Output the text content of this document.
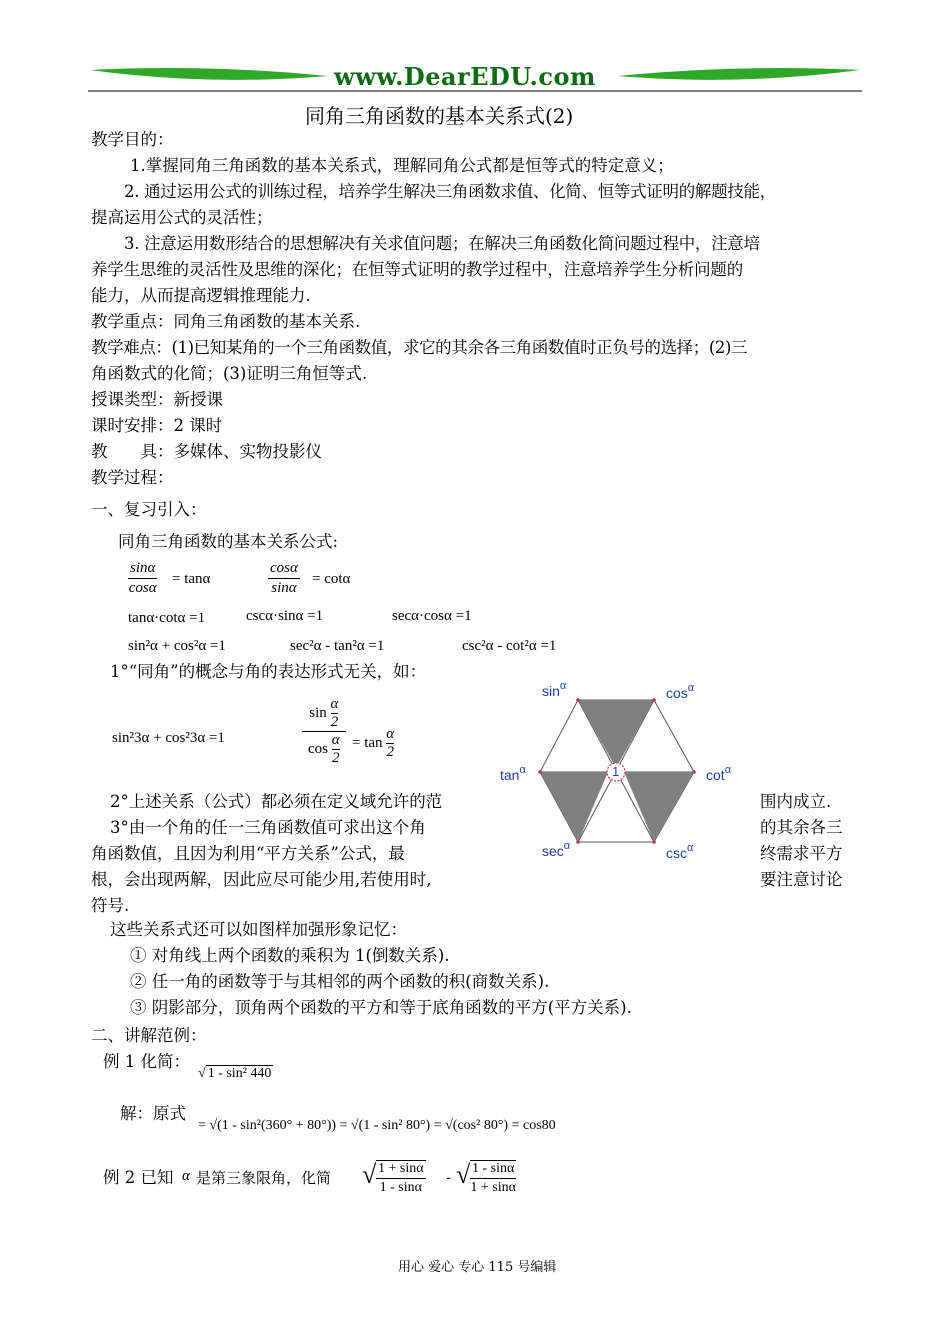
www.DearEDU.com
同角三角函数的基本关系式(2)
教学目的：
1.掌握同角三角函数的基本关系式，理解同角公式都是恒等式的特定意义；
2. 通过运用公式的训练过程，培养学生解决三角函数求值、化简、恒等式证明的解题技能，
提高运用公式的灵活性；
3. 注意运用数形结合的思想解决有关求值问题；在解决三角函数化简问题过程中，注意培
养学生思维的灵活性及思维的深化；在恒等式证明的教学过程中，注意培养学生分析问题的
能力，从而提高逻辑推理能力.
教学重点：同角三角函数的基本关系.
教学难点：(1)已知某角的一个三角函数值，求它的其余各三角函数值时正负号的选择；(2)三
角函数式的化简；(3)证明三角恒等式.
授课类型：新授课
课时安排：2 课时
教　　具：多媒体、实物投影仪
教学过程：
一、复习引入：
同角三角函数的基本关系公式:
$\frac{\sin\alpha}{\cos\alpha} = \tan\alpha$	$\frac{\cos\alpha}{\sin\alpha} = \cot\alpha$
tanα·cotα =1	cscα·sinα =1	secα·cosα =1
sin²α + cos²α =1	sec²α - tan²α =1	csc²α - cot²α =1
1°“同角”的概念与角的表达形式无关，如：
sin²3α + cos²3α =1	$\frac{\sin \frac{\alpha}{2}}{\cos \frac{\alpha}{2}} = \tan \frac{\alpha}{2}$
1
$\sin^\alpha$	$\cos^\alpha$
$\tan^\alpha$	$\cot^\alpha$
$\sec^\alpha$	$\csc^\alpha$
2°上述关系（公式）都必须在定义域允许的范	围内成立.
3°由一个角的任一三角函数值可求出这个角	的其余各三
角函数值，且因为利用“平方关系”公式，最	终需求平方
根，会出现两解，因此应尽可能少用,若使用时,	要注意讨论
符号.
这些关系式还可以如图样加强形象记忆：
① 对角线上两个函数的乘积为 1(倒数关系).
② 任一角的函数等于与其相邻的两个函数的积(商数关系).
③ 阴影部分，顶角两个函数的平方和等于底角函数的平方(平方关系).
二、讲解范例：
例 1 化简：
√ 1 - sin² 440
解：原式
= √(1 - sin²(360° + 80°)) = √(1 - sin² 80°) = √(cos² 80°) = cos80
例 2 已知 α 是第三象限角，化简 √ $\frac{1 + \sin\alpha}{1 - \sin\alpha}$ - √ $\frac{1 - \sin\alpha}{1 + \sin\alpha}$
用心 爱心 专心 115 号编辑
